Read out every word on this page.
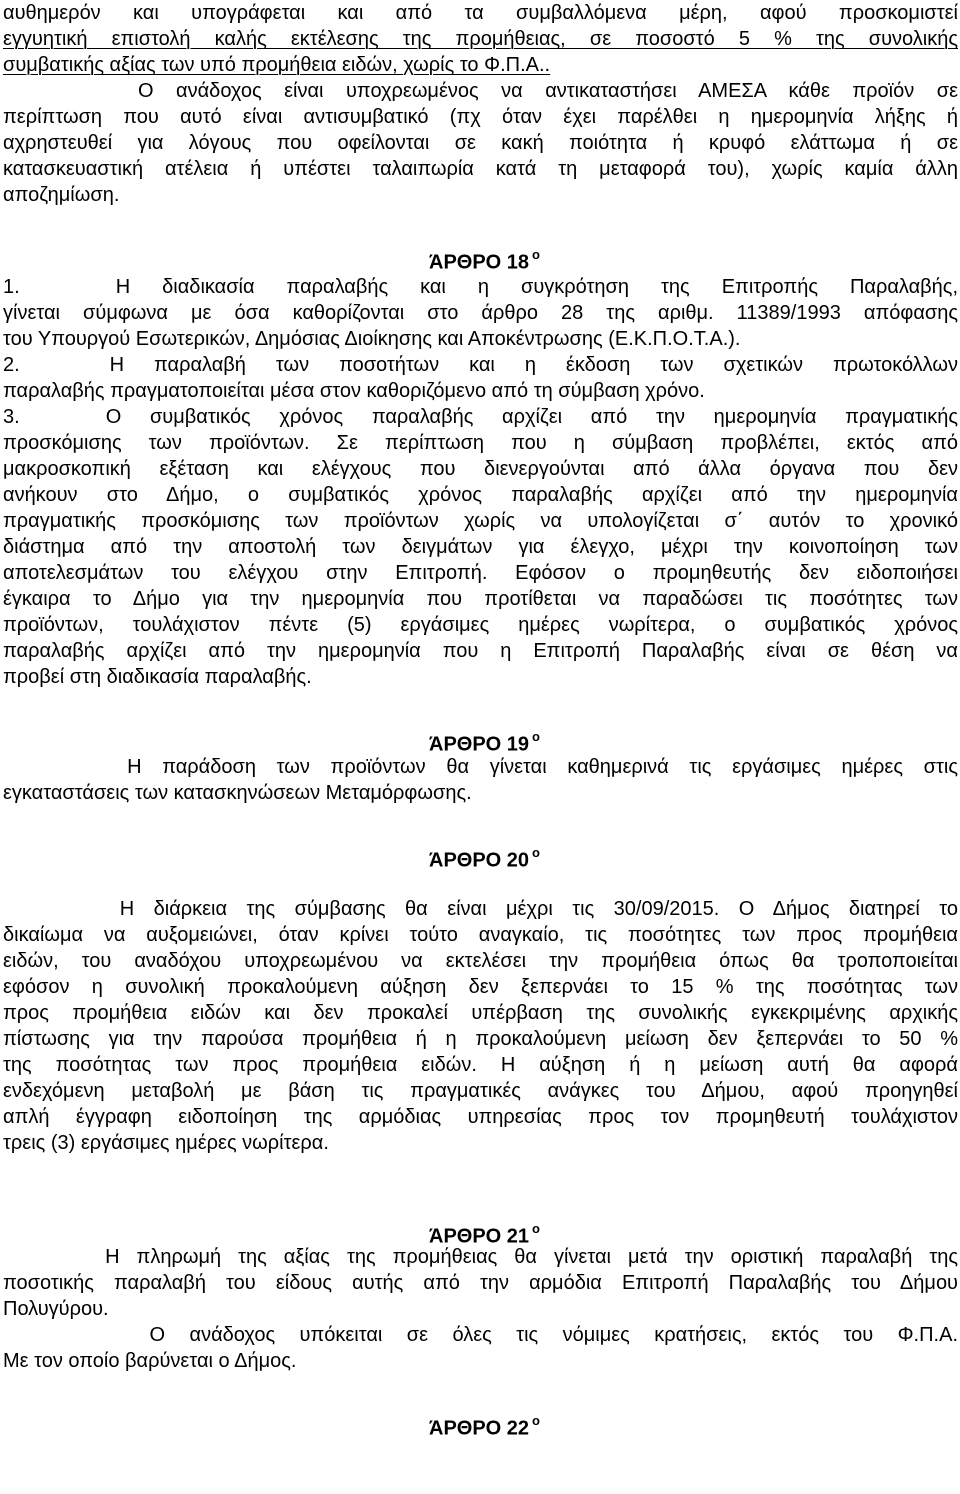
αυθημερόν και υπογράφεται και από τα συμβαλλόμενα μέρη, αφού προσκομιστεί
εγγυητική επιστολή καλής εκτέλεσης της προμήθειας, σε ποσοστό 5 % της συνολικής
συμβατικής αξίας των υπό προμήθεια ειδών, χωρίς το Φ.Π.Α..
Ο ανάδοχος είναι υποχρεωμένος να αντικαταστήσει ΑΜΕΣΑ κάθε προϊόν σε
περίπτωση που αυτό είναι αντισυμβατικό (πχ όταν έχει παρέλθει η ημερομηνία λήξης ή
αχρηστευθεί για λόγους που οφείλονται σε κακή ποιότητα ή κρυφό ελάττωμα ή σε
κατασκευαστική ατέλεια ή υπέστει ταλαιπωρία κατά τη μεταφορά του), χωρίς καμία άλλη
αποζημίωση.
ΆΡΘΡΟ 18 $^o$
1.   Η διαδικασία παραλαβής και η συγκρότηση της Επιτροπής Παραλαβής,
γίνεται σύμφωνα με όσα καθορίζονται στο άρθρο 28 της αριθμ. 11389/1993 απόφασης
του Υπουργού Εσωτερικών, Δημόσιας Διοίκησης και Αποκέντρωσης (Ε.Κ.Π.Ο.Τ.Α.).
2.   Η παραλαβή των ποσοτήτων και η έκδοση των σχετικών πρωτοκόλλων
παραλαβής πραγματοποιείται μέσα στον καθοριζόμενο από τη σύμβαση χρόνο.
3.   Ο συμβατικός χρόνος παραλαβής αρχίζει από την ημερομηνία πραγματικής
προσκόμισης των προϊόντων. Σε περίπτωση που η σύμβαση προβλέπει, εκτός από
μακροσκοπική εξέταση και ελέγχους που διενεργούνται από άλλα όργανα που δεν
ανήκουν στο Δήμο, ο συμβατικός χρόνος παραλαβής αρχίζει από την ημερομηνία
πραγματικής προσκόμισης των προϊόντων χωρίς να υπολογίζεται σ΄ αυτόν το χρονικό
διάστημα από την αποστολή των δειγμάτων για έλεγχο, μέχρι την κοινοποίηση των
αποτελεσμάτων του ελέγχου στην Επιτροπή. Εφόσον ο προμηθευτής δεν ειδοποιήσει
έγκαιρα το Δήμο για την ημερομηνία που προτίθεται να παραδώσει τις ποσότητες των
προϊόντων, τουλάχιστον πέντε (5) εργάσιμες ημέρες νωρίτερα, ο συμβατικός χρόνος
παραλαβής αρχίζει από την ημερομηνία που η Επιτροπή Παραλαβής είναι σε θέση να
προβεί στη διαδικασία παραλαβής.
ΆΡΘΡΟ 19 $^o$
Η παράδοση των προϊόντων θα γίνεται καθημερινά τις εργάσιμες ημέρες στις
εγκαταστάσεις των κατασκηνώσεων Μεταμόρφωσης.
ΆΡΘΡΟ 20 $^o$
Η διάρκεια της σύμβασης θα είναι μέχρι τις 30/09/2015. Ο Δήμος διατηρεί το
δικαίωμα να αυξομειώνει, όταν κρίνει τούτο αναγκαίο, τις ποσότητες των προς προμήθεια
ειδών, του αναδόχου υποχρεωμένου να εκτελέσει την προμήθεια όπως θα τροποποιείται
εφόσον η συνολική προκαλούμενη αύξηση δεν ξεπερνάει το 15 % της ποσότητας των
προς προμήθεια ειδών και δεν προκαλεί υπέρβαση της συνολικής εγκεκριμένης αρχικής
πίστωσης για την παρούσα προμήθεια ή η προκαλούμενη μείωση δεν ξεπερνάει το 50 %
της ποσότητας των προς προμήθεια ειδών. Η αύξηση ή η μείωση αυτή θα αφορά
ενδεχόμενη μεταβολή με βάση τις πραγματικές ανάγκες του Δήμου, αφού προηγηθεί
απλή έγγραφη ειδοποίηση της αρμόδιας υπηρεσίας προς τον προμηθευτή τουλάχιστον
τρεις (3) εργάσιμες ημέρες νωρίτερα.
ΆΡΘΡΟ 21 $^o$
Η πληρωμή της αξίας της προμήθειας θα γίνεται μετά την οριστική παραλαβή της
ποσοτικής παραλαβή του είδους αυτής από την αρμόδια Επιτροπή Παραλαβής του Δήμου
Πολυγύρου.
Ο ανάδοχος υπόκειται σε όλες τις νόμιμες κρατήσεις, εκτός του Φ.Π.Α.
Με τον οποίο βαρύνεται ο Δήμος.
ΆΡΘΡΟ 22 $^o$
